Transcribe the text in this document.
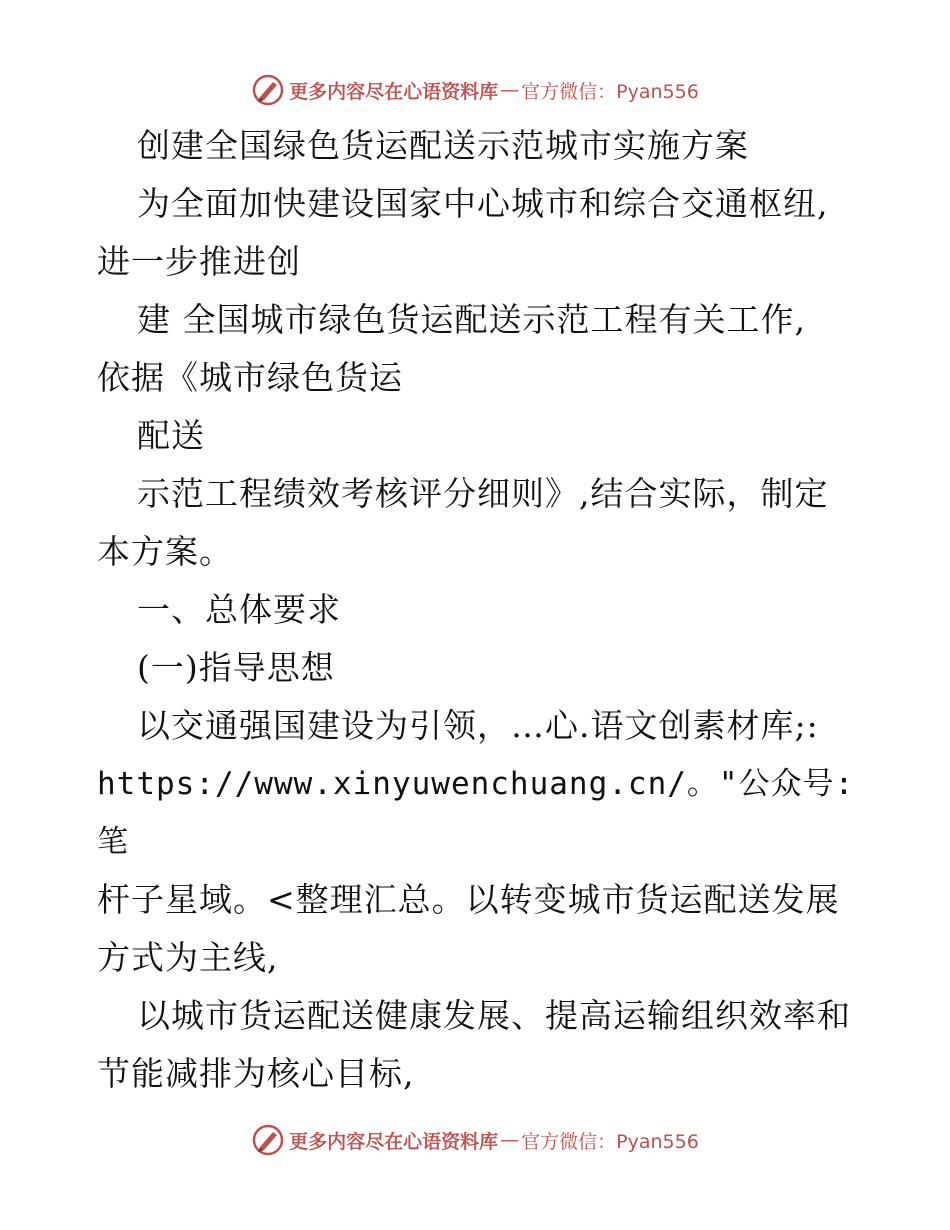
更多内容尽在心语资料库 — 官方微信：Pyan556

创建全国绿色货运配送示范城市实施方案

为全面加快建设国家中心城市和综合交通枢纽,

进一步推进创

建 全国城市绿色货运配送示范工程有关工作,

依据《城市绿色货运

配送

示范工程绩效考核评分细则》,结合实际，制定

本方案。

一、总体要求

(一)指导思想

以交通强国建设为引领，…心.语文创素材库;:

https://www.xinyuwenchuang.cn/。"公众号: 笔

杆子星域。<整理汇总。以转变城市货运配送发展

方式为主线,

以城市货运配送健康发展、提高运输组织效率和

节能减排为核心目标,

更多内容尽在心语资料库 — 官方微信：Pyan556
